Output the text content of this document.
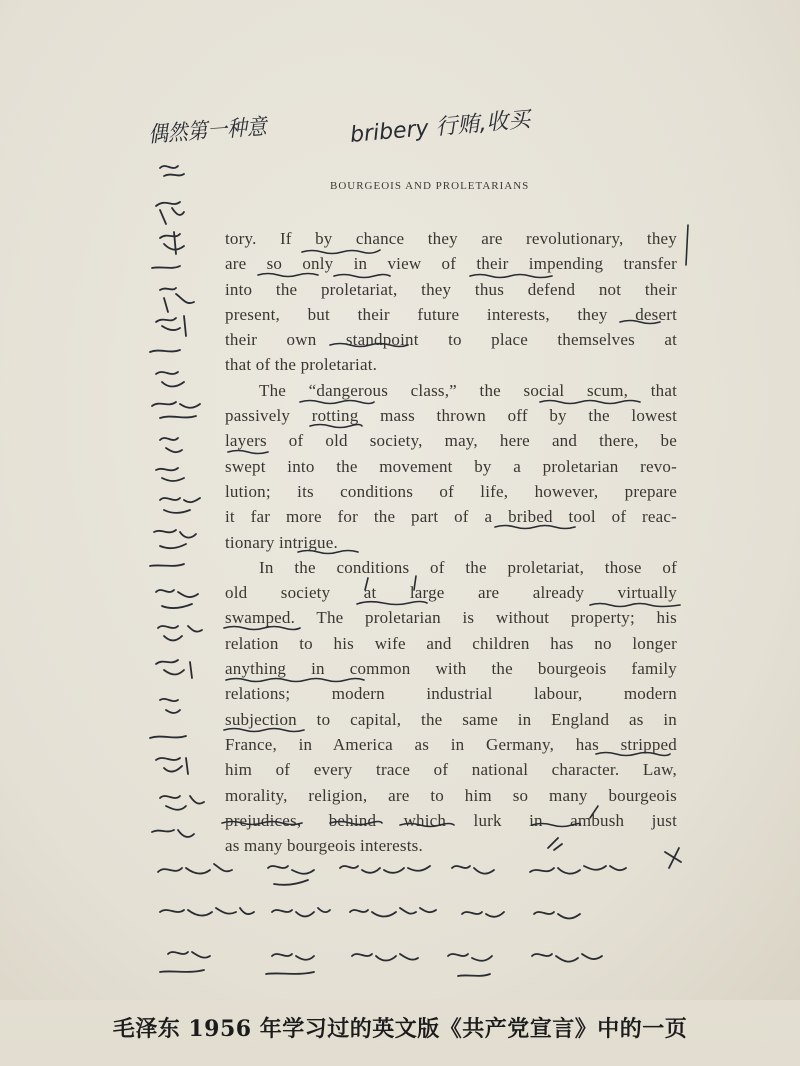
BOURGEOIS AND PROLETARIANS
tory. If by chance they are revolutionary, they
are so only in view of their impending transfer
into the proletariat, they thus defend not their
present, but their future interests, they desert
their own standpoint to place themselves at
that of the proletariat.
The “dangerous class,” the social scum, that
passively rotting mass thrown off by the lowest
layers of old society, may, here and there, be
swept into the movement by a proletarian revo-
lution; its conditions of life, however, prepare
it far more for the part of a bribed tool of reac-
tionary intrigue.
In the conditions of the proletariat, those of
old society at large are already virtually
swamped. The proletarian is without property; his
relation to his wife and children has no longer
anything in common with the bourgeois family
relations; modern industrial labour, modern
subjection to capital, the same in England as in
France, in America as in Germany, has stripped
him of every trace of national character. Law,
morality, religion, are to him so many bourgeois
prejudices, behind which lurk in ambush just
as many bourgeois interests.
偶然第一种意	bribery 行贿,收买
毛泽东 1956 年学习过的英文版《共产党宣言》中的一页
